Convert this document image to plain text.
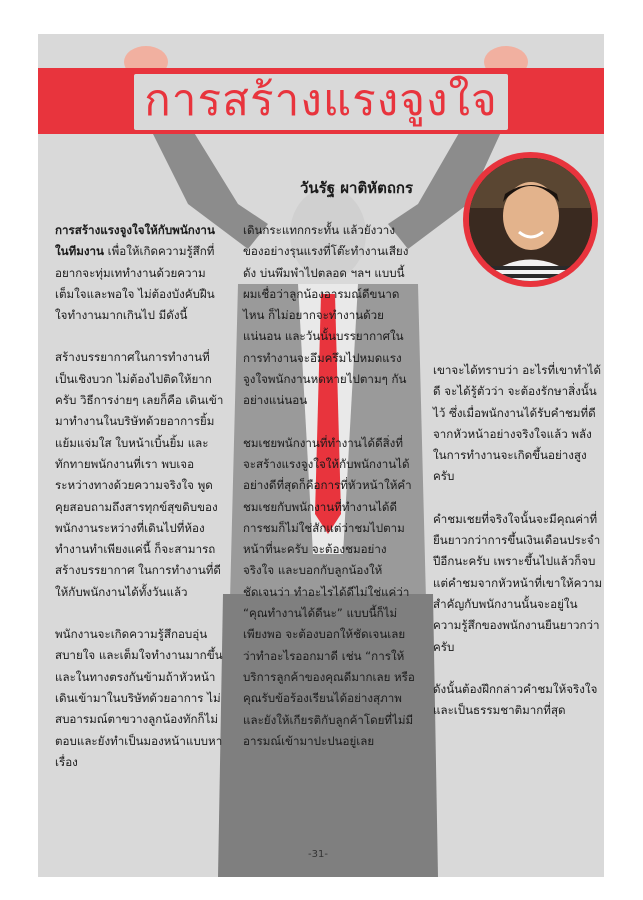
การสร้างแรงจูงใจ
วันรัฐ ผาติหัตถกร

การสร้างแรงจูงใจให้กับพนักงานในทีมงาน เพื่อให้เกิดความรู้สึกที่อยากจะทุ่มเททำงานด้วยความเต็มใจและพอใจ ไม่ต้องบังคับฝืนใจทำงานมากเกินไป มีดังนี้

สร้างบรรยากาศในการทำงานที่เป็นเชิงบวก ไม่ต้องไปติดให้ยากครับ วิธีการง่ายๆ เลยก็คือ เดินเข้ามาทำงานในบริษัทด้วยอาการยิ้มแย้มแจ่มใส ใบหน้าเบิ้นยิ้ม และทักทายพนักงานที่เรา พบเจอระหว่างทางด้วยความจริงใจ พูดคุยสอบถามถึงสารทุกข์สุขดิบของพนักงานระหว่างที่เดินไปที่ห้องทำงานทำเพียงแค่นี้ ก็จะสามารถสร้างบรรยากาศ ในการทำงานที่ดีให้กับพนักงานได้ทั้งวันแล้ว

พนักงานจะเกิดความรู้สึกอบอุ่นสบายใจ และเต็มใจทำงานมากขึ้น และในทางตรงกันข้ามถ้าหัวหน้า เดินเข้ามาในบริษัทด้วยอาการ ไม่สบอารมณ์ตาขวางลูกน้องทักก็ไม่ตอบและยังทำเป็นมองหน้าแบบหาเรื่อง

เดินกระแทกกระทั้น แล้วยังวางของอย่างรุนแรงที่โต๊ะทำงานเสียงดัง บ่นพึมพำไปตลอด ฯลฯ แบบนี้ผมเชื่อว่าลูกน้องอารมณ์ดีขนาดไหน ก็ไม่อยากจะทำงานด้วยแน่นอน และวันนั้นบรรยากาศในการทำงานจะอึมครึมไปหมดแรงจูงใจพนักงานหดหายไปตามๆ กันอย่างแน่นอน

ชมเชยพนักงานที่ทำงานได้ดีสิ่งที่จะสร้างแรงจูงใจให้กับพนักงานได้อย่างดีที่สุดก็คือการที่หัวหน้าให้คำชมเชยกับพนักงานที่ทำงานได้ดีการชมก็ไม่ใช่สักแต่ว่าชมไปตามหน้าที่นะครับ จะต้องชมอย่างจริงใจ และบอกกับลูกน้องให้ชัดเจนว่า ทำอะไรได้ดีไม่ใช่แค่ว่า “คุณทำงานได้ดีนะ” แบบนี้ก็ไม่เพียงพอ จะต้องบอกให้ชัดเจนเลยว่าทำอะไรออกมาดี เช่น “การให้บริการลูกค้าของคุณดีมากเลย หรือคุณรับข้อร้องเรียนได้อย่างสุภาพและยังให้เกียรติกับลูกค้าโดยที่ไม่มีอารมณ์เข้ามาปะปนอยู่เลย

เขาจะได้ทราบว่า อะไรที่เขาทำได้ดี จะได้รู้ตัวว่า จะต้องรักษาสิ่งนั้นไว้ ซึ่งเมื่อพนักงานได้รับคำชมที่ดีจากหัวหน้าอย่างจริงใจแล้ว พลังในการทำงานจะเกิดขึ้นอย่างสูงครับ

คำชมเชยที่จริงใจนั้นจะมีคุณค่าที่ยืนยาวกว่าการขึ้นเงินเดือนประจำปีอีกนะครับ เพราะขึ้นไปแล้วก็จบ แต่คำชมจากหัวหน้าที่เขาให้ความสำคัญกับพนักงานนั้นจะอยู่ในความรู้สึกของพนักงานยืนยาวกว่าครับ

ดังนั้นต้องฝึกกล่าวคำชมให้จริงใจและเป็นธรรมชาติมากที่สุด

-31-
